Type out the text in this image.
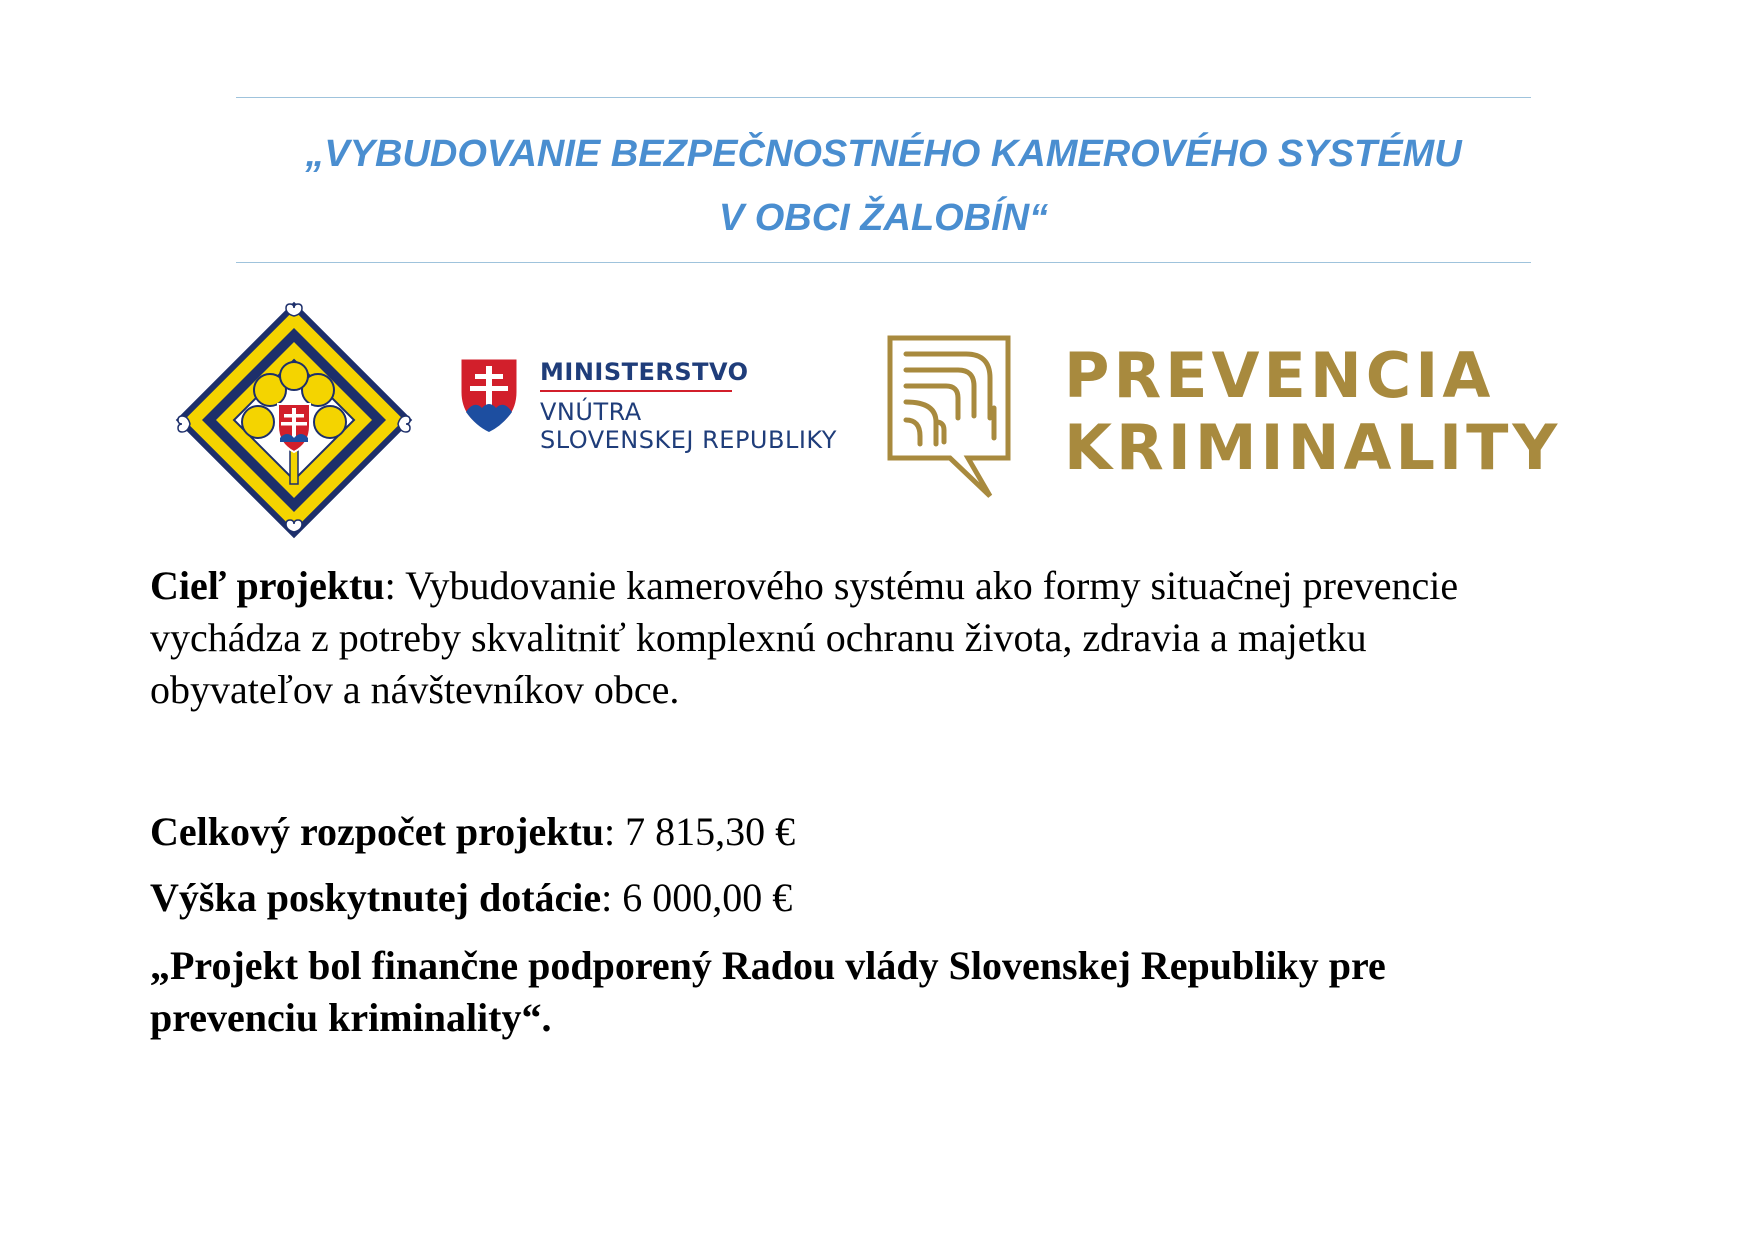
„VYBUDOVANIE BEZPEČNOSTNÉHO KAMEROVÉHO SYSTÉMU
V OBCI ŽALOBÍN“
MINISTERSTVO
VNÚTRA
SLOVENSKEJ REPUBLIKY
PREVENCIA
KRIMINALITY
Cieľ projektu: Vybudovanie kamerového systému ako formy situačnej prevencie
vychádza z potreby skvalitniť komplexnú ochranu života, zdravia a majetku
obyvateľov a návštevníkov obce.
Celkový rozpočet projektu: 7 815,30 €
Výška poskytnutej dotácie: 6 000,00 €
„Projekt bol finančne podporený Radou vlády Slovenskej Republiky pre
prevenciu kriminality“.
